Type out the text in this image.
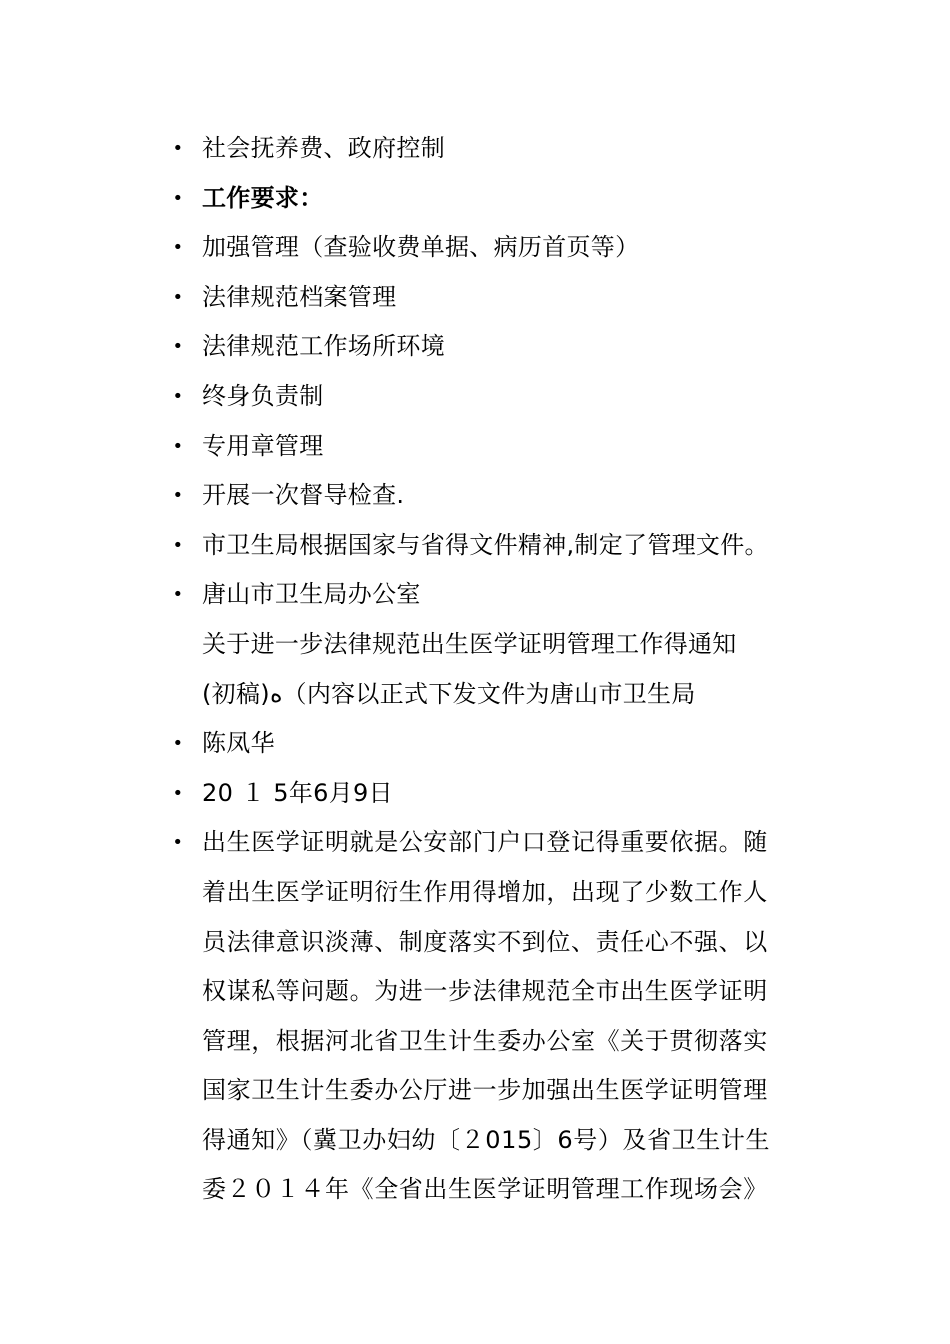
• 社会抚养费、政府控制
• 工作要求：
• 加强管理（查验收费单据、病历首页等）
• 法律规范档案管理
• 法律规范工作场所环境
• 终身负责制
• 专用章管理
• 开展一次督导检查.
• 市卫生局根据国家与省得文件精神,制定了管理文件。
• 唐山市卫生局办公室
关于进一步法律规范出生医学证明管理工作得通知
(初稿)ﻩ（内容以正式下发文件为唐山市卫生局
• 陈凤华
• 20 １ 5年6月9日
• 出生医学证明就是公安部门户口登记得重要依据。随
着出生医学证明衍生作用得增加，出现了少数工作人
员法律意识淡薄、制度落实不到位、责任心不强、以
权谋私等问题。为进一步法律规范全市出生医学证明
管理，根据河北省卫生计生委办公室《关于贯彻落实
国家卫生计生委办公厅进一步加强出生医学证明管理
得通知》（冀卫办妇幼〔２015〕6号）及省卫生计生
委２０１４年《全省出生医学证明管理工作现场会》
